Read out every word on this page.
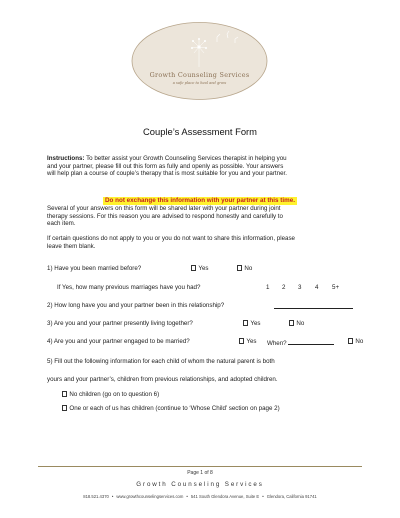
Growth Counseling Services
a safe place to heal and grow
Couple’s Assessment Form
Instructions: To better assist your Growth Counseling Services therapist in helping you
and your partner, please fill out this form as fully and openly as possible. Your answers
will help plan a course of couple’s therapy that is most suitable for you and your partner.
Do not exchange this information with your partner at this time.
Several of your answers on this form will be shared later with your partner during joint
therapy sessions. For this reason you are advised to respond honestly and carefully to
each item.
If certain questions do not apply to you or you do not want to share this information, please
leave them blank.
1) Have you been married before?	Yes	No
If Yes, how many previous marriages have you had?	1 2 3 4 5+
2) How long have you and your partner been in this relationship?
3) Are you and your partner presently living together?	Yes	No
4) Are you and your partner engaged to be married?	Yes When?	No
5) Fill out the following information for each child of whom the natural parent is both
yours and your partner’s, children from previous relationships, and adopted children.
No children (go on to question 6)
One or each of us has children (continue to ‘Whose Child’ section on page 2)
Page 1 of 8
Growth Counseling Services
818.521.4370 • www.growthcounselingservices.com • 541 South Glendora Avenue, Suite E • Glendora, California 91741
